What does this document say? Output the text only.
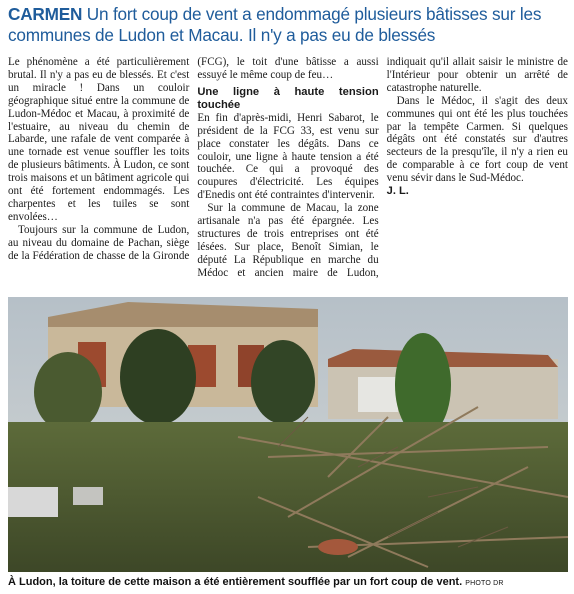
CARMEN Un fort coup de vent a endommagé plusieurs bâtisses sur les communes de Ludon et Macau. Il n'y a pas eu de blessés

Le phénomène a été particulièrement brutal. Il n'y a pas eu de blessés. Et c'est un miracle ! Dans un couloir géographique situé entre la commune de Ludon-Médoc et Macau, à proximité de l'estuaire, au niveau du chemin de Labarde, une rafale de vent comparée à une tornade est venue souffler les toits de plusieurs bâtiments. À Ludon, ce sont trois maisons et un bâtiment agricole qui ont été fortement endommagés. Les charpentes et les tuiles se sont envolées…

Toujours sur la commune de Ludon, au niveau du domaine de Pachan, siège de la Fédération de chasse de la Gironde (FCG), le toit d'une bâtisse a aussi essuyé le même coup de feu…

Une ligne à haute tension touchée

En fin d'après-midi, Henri Sabarot, le président de la FCG 33, est venu sur place constater les dégâts. Dans ce couloir, une ligne à haute tension a été touchée. Ce qui a provoqué des coupures d'électricité. Les équipes d'Enedis ont été contraintes d'intervenir.

Sur la commune de Macau, la zone artisanale n'a pas été épargnée. Les structures de trois entreprises ont été lésées. Sur place, Benoît Simian, le député La République en marche du Médoc et ancien maire de Ludon, indiquait qu'il allait saisir le ministre de l'Intérieur pour obtenir un arrêté de catastrophe naturelle.

Dans le Médoc, il s'agit des deux communes qui ont été les plus touchées par la tempête Carmen. Si quelques dégâts ont été constatés sur d'autres secteurs de la presqu'île, il n'y a rien eu de comparable à ce fort coup de vent venu sévir dans le Sud-Médoc.

J. L.

À Ludon, la toiture de cette maison a été entièrement soufflée par un fort coup de vent. PHOTO DR
